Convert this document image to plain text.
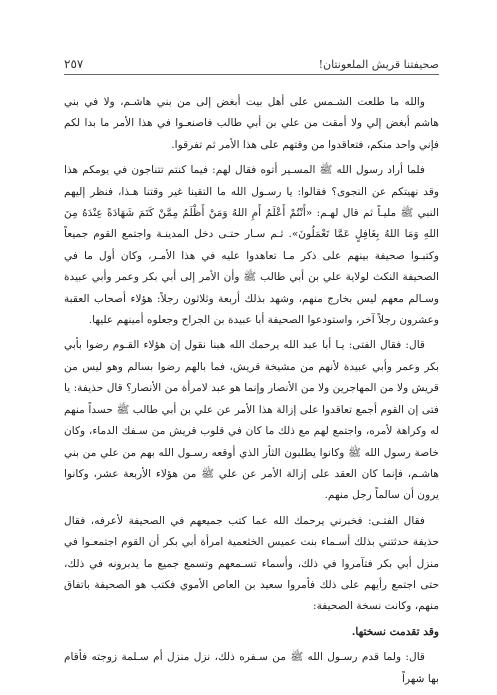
٢٥٧	صحيفتنا قريش الملعونتان!

والله ما طلعت الشـمس على أهل بيت أبغض إلى من بني هاشـم، ولا في بني هاشم أبغض إلي ولا أمقت من علي بن أبي طالب فاصنعـوا في هذا الأمر ما بدا لكم فإني واحد منكم، فتعاقدوا من وقتهم على هذا الأمر ثم تفرقوا.

فلما أراد رسول الله ﷺ المسـير أتوه فقال لهم: فيما كنتم تتناجون في يومكم هذا وقد نهيتكم عن النجوى؟ فقالوا: يا رسـول الله ما التقينا غير وقتنا هـذا، فنظر إليهم النبي ﷺ مليـاً ثم قال لهـم: «أَنْتُمْ أَعْلَمُ أَمِ اللهُ وَمَنْ أَظْلَمُ مِمَّنْ كَتَمَ شَهَادَةً عِنْدَهُ مِنَ اللهِ وَمَا اللهُ بِغَافِلٍ عَمَّا تَعْمَلُونَ». ثـم سـار حتـى دخل المدينـة واجتمع القوم جميعاً وكتبـوا صحيفة بينهم على ذكر مـا تعاهدوا عليه في هذا الأمـر، وكان أول ما في الصحيفة النكث لولاية علي بن أبي طالب ﷺ وأن الأمر إلى أبي بكر وعمر وأبي عبيدة وسـالم معهم ليس بخارج منهم، وشهد بذلك أربعة وثلاثون رجلاً: هؤلاء أصحاب العقبة وعشرون رجلاً آخر، واستودعوا الصحيفة أبا عبيدة بن الجراح وجعلوه أمينهم عليها.

قال: فقال الفتى: يـا أبا عبد الله يرحمك الله هبنا نقول إن هؤلاء القـوم رضوا بأبي بكر وعمر وأبي عبيدة لأنهم من مشيخة قريش، فما بالهم رضوا بسالم وهو ليس من قريش ولا من المهاجرين ولا من الأنصار وإنما هو عبد لامرأة من الأنصار؟ قال حذيفة: يا فتى إن القوم أجمع تعاقدوا على إزالة هذا الأمر عن علي بن أبي طالب ﷺ حسداً منهم له وكراهة لأمره، واجتمع لهم مع ذلك ما كان في قلوب قريش من سـفك الدماء، وكان خاصة رسول الله ﷺ وكانوا يطلبون الثأر الذي أوقعه رسـول الله بهم من علي من بني هاشـم، فإنما كان العقد على إزالة الأمر عن علي ﷺ من هؤلاء الأربعة عشر، وكانوا يرون أن سالماً رجل منهم.

فقال الفتـى: فخبرني يرحمك الله عما كتب جميعهم في الصحيفة لأعرفه، فقال حذيفة حدثتني بذلك أسـماء بنت عميس الخثعمية امرأة أبي بكر أن القوم اجتمعـوا في منزل أبي بكر فتآمروا في ذلك، وأسماء تسـمعهم وتسمع جميع ما يدبرونه في ذلك، حتى اجتمع رأيهم على ذلك فأمروا سعيد بن العاص الأموي فكتب هو الصحيفة باتفاق منهم، وكانت نسخة الصحيفة:

وقد تقدمت نسختها.

قال: ولما قدم رسـول الله ﷺ من سـفره ذلك، نزل منزل أم سـلمة زوجته فأقام بها شهراً
